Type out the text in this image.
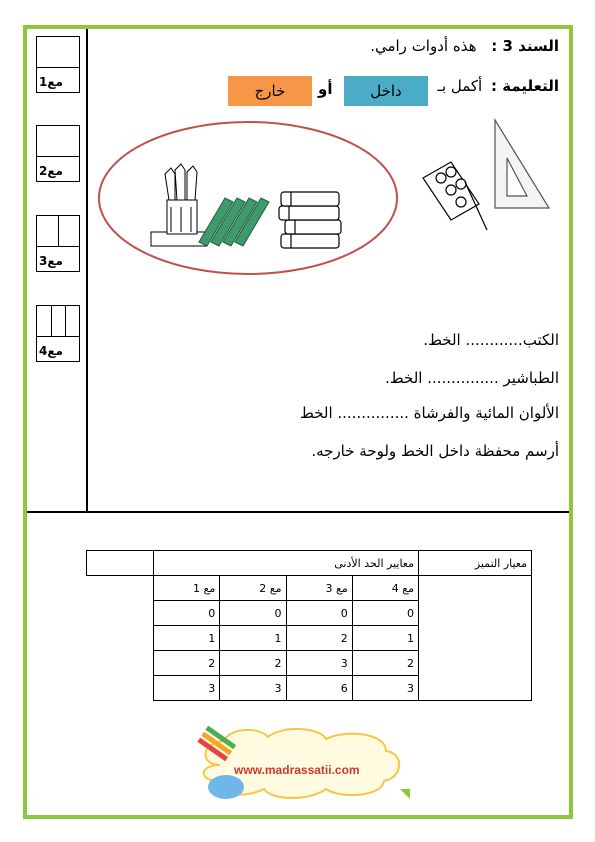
مع1
مع2
مع3
مع4
السند 3 : هذه أدوات رامي.
التعليمة : أكمل بـ
داخل
أو
خارج
الكتب............ الخط.
الطباشير ............... الخط.
الألوان المائية والفرشاة ............... الخط
أرسم محفظة داخل الخط ولوحة خارجه.
	معايير الحد الأدنى				معيار التميز
	مع 1	مع 2	مع 3	مع 4	
	0	0	0	0	
	1	1	2	1	
	2	2	3	2	
	3	3	6	3	
www.madrassatii.com
